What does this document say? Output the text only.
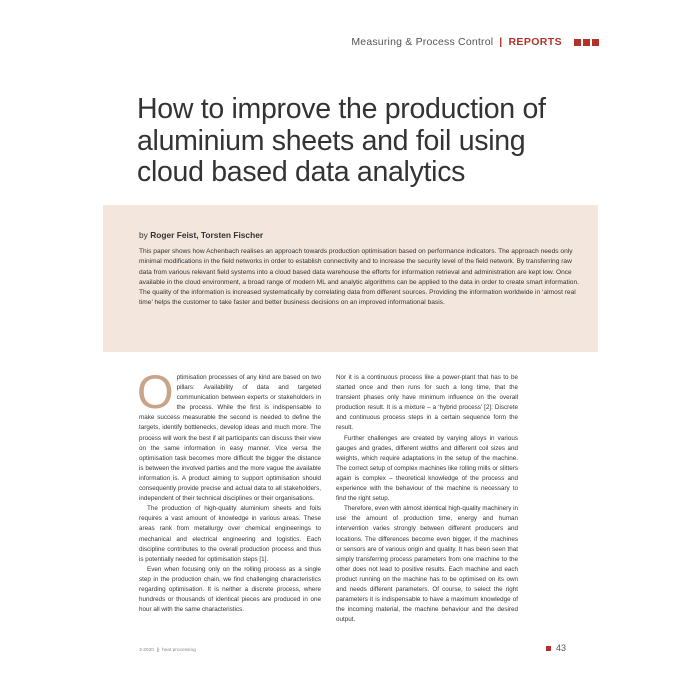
Measuring & Process Control | REPORTS
How to improve the production of aluminium sheets and foil using cloud based data analytics
by Roger Feist, Torsten Fischer

This paper shows how Achenbach realises an approach towards production optimisation based on performance indicators. The approach needs only minimal modifications in the field networks in order to establish connectivity and to increase the security level of the field network. By transferring raw data from various relevant field systems into a cloud based data warehouse the efforts for information retrieval and administration are kept low. Once available in the cloud environment, a broad range of modern ML and analytic algorithms can be applied to the data in order to create smart information. The quality of the information is increased systematically by correlating data from different sources. Providing the information worldwide in ‘almost real time’ helps the customer to take faster and better business decisions on an improved informational basis.

Optimisation processes of any kind are based on two pillars: Availability of data and targeted communication between experts or stakeholders in the process. While the first is indispensable to make success measurable the second is needed to define the targets, identify bottlenecks, develop ideas and much more. The process will work the best if all participants can discuss their view on the same information in easy manner. Vice versa the optimisation task becomes more difficult the bigger the distance is between the involved parties and the more vague the available information is. A product aiming to support optimisation should consequently provide precise and actual data to all stakeholders, independent of their technical disciplines or their organisations.

The production of high-quality aluminium sheets and foils requires a vast amount of knowledge in various areas. These areas rank from metallurgy over chemical engineerings to mechanical and electrical engineering and logistics. Each discipline contributes to the overall production process and thus is potentially needed for optimisation steps [1].

Even when focusing only on the rolling process as a single step in the production chain, we find challenging characteristics regarding optimisation. It is neither a discrete process, where hundreds or thousands of identical pieces are produced in one hour all with the same characteristics.

Nor it is a continuous process like a power-plant that has to be started once and then runs for such a long time, that the transient phases only have minimum influence on the overall production result. It is a mixture – a ‘hybrid process’ [2]: Discrete and continuous process steps in a certain sequence form the result.

Further challenges are created by varying alloys in various gauges and grades, different widths and different coil sizes and weights, which require adaptations in the setup of the machine. The correct setup of complex machines like rolling mills or slitters again is complex – theoretical knowledge of the process and experience with the behaviour of the machine is necessary to find the right setup.

Therefore, even with almost identical high-quality machinery in use the amount of production time, energy and human intervention varies strongly between different producers and locations. The differences become even bigger, if the machines or sensors are of various origin and quality. It has been seen that simply transferring process parameters from one machine to the other does not lead to positive results. Each machine and each product running on the machine has to be optimised on its own and needs different parameters. Of course, to select the right parameters it is indispensable to have a maximum knowledge of the incoming material, the machine behaviour and the desired output.

3-2020 | heat processing	43
